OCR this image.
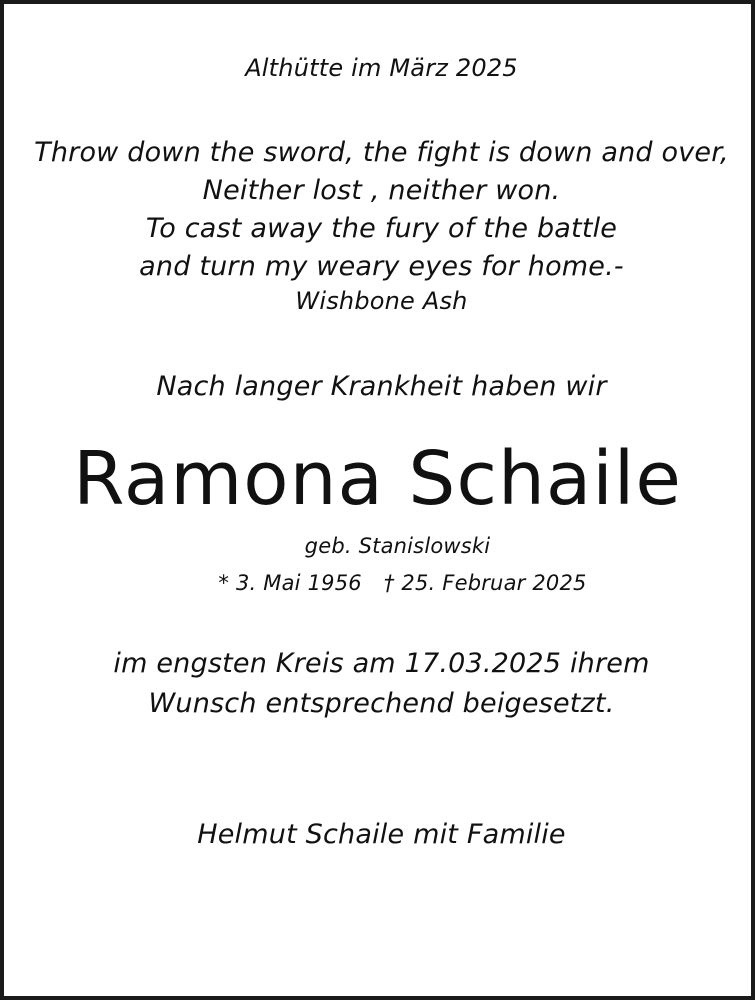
Althütte im März 2025
Throw down the sword, the fight is down and over,
Neither lost , neither won.
To cast away the fury of the battle
and turn my weary eyes for home.-
Wishbone Ash
Nach langer Krankheit haben wir
Ramona Schaile
geb. Stanislowski
* 3. Mai 1956 † 25. Februar 2025
im engsten Kreis am 17.03.2025 ihrem
Wunsch entsprechend beigesetzt.
Helmut Schaile mit Familie
